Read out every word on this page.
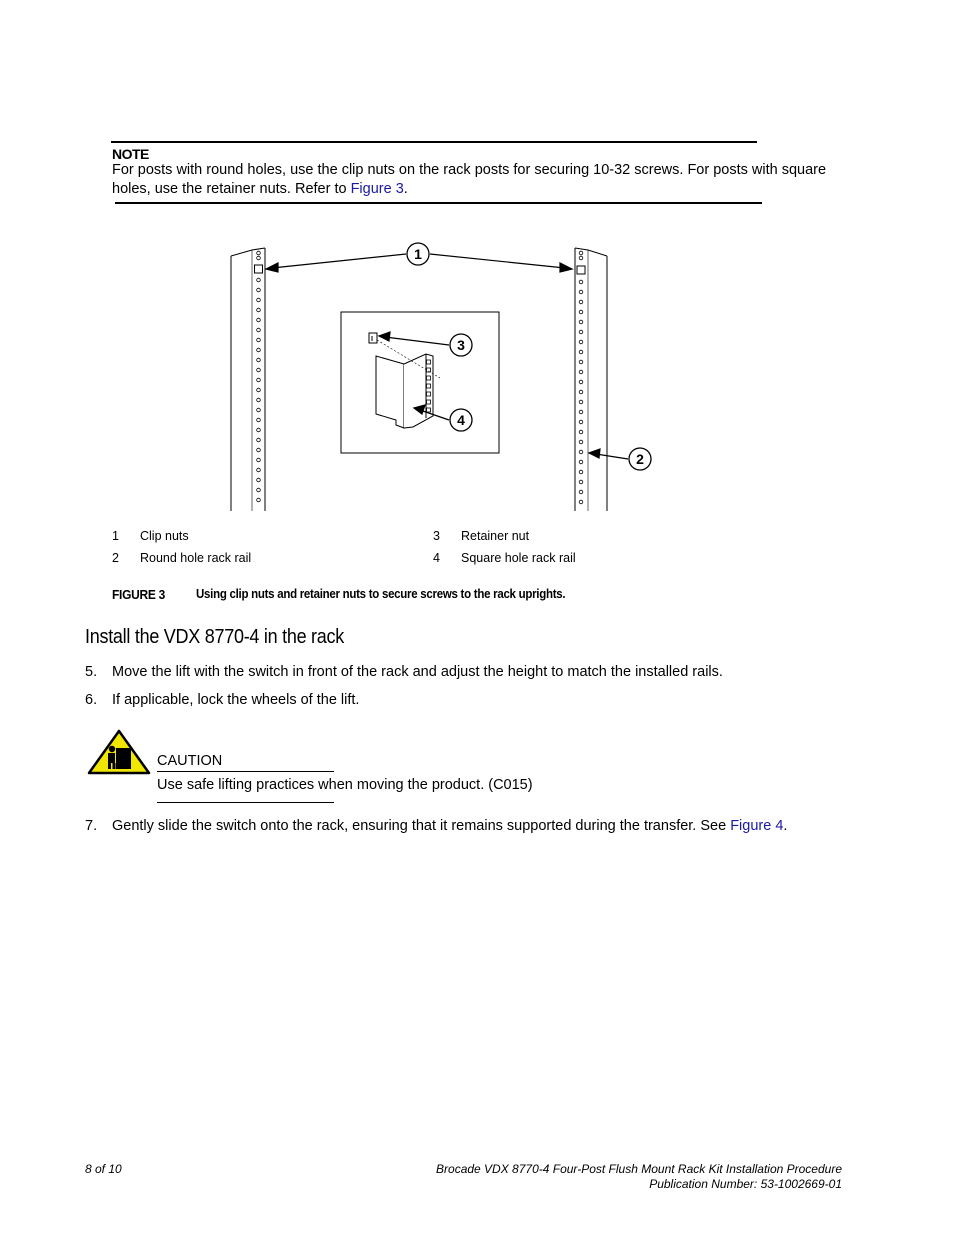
NOTE
For posts with round holes, use the clip nuts on the rack posts for securing 10-32 screws. For posts with square holes, use the retainer nuts. Refer to Figure 3.
1
3
4
2
1 Clip nuts
2 Round hole rack rail
3 Retainer nut
4 Square hole rack rail
FIGURE 3 Using clip nuts and retainer nuts to secure screws to the rack uprights.
Install the VDX 8770-4 in the rack
5. Move the lift with the switch in front of the rack and adjust the height to match the installed rails.
6. If applicable, lock the wheels of the lift.
CAUTION
Use safe lifting practices when moving the product. (C015)
7. Gently slide the switch onto the rack, ensuring that it remains supported during the transfer. See Figure 4.
8 of 10	Brocade VDX 8770-4 Four-Post Flush Mount Rack Kit Installation Procedure
Publication Number: 53-1002669-01
